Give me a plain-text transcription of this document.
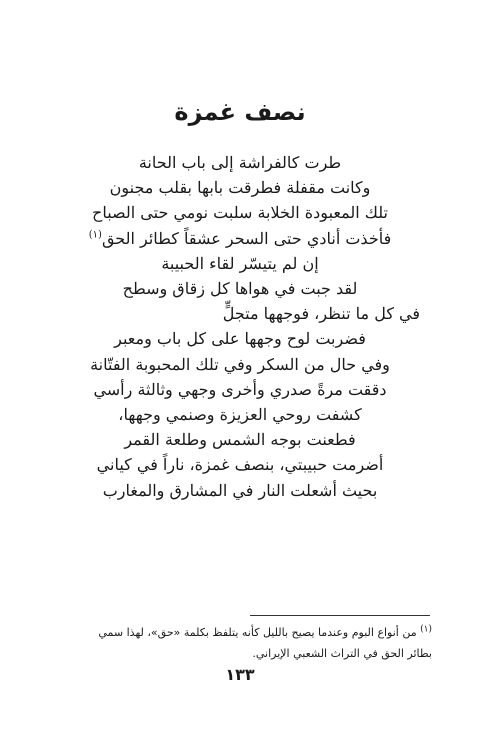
نصف غمزة
طرت كالفراشة إلى باب الحانة
وكانت مقفلة فطرقت بابها بقلب مجنون
تلك المعبودة الخلابة سلبت نومي حتى الصباح
فأخذت أنادي حتى السحر عشقاً كطائر الحق$^{(١)}$
إن لم يتيسّر لقاء الحبيبة
لقد جبت في هواها كل زقاق وسطح
في كل ما تنظر، فوجهها متجلٍّ
فضربت لوح وجهها على كل باب ومعبر
وفي حال من السكر وفي تلك المحبوبة الفتّانة
دققت مرةً صدري وأخرى وجهي وثالثة رأسي
كشفت روحي العزيزة وصنمي وجهها،
فطعنت بوجه الشمس وطلعة القمر
أضرمت حبيبتي، بنصف غمزة، ناراً في كياني
بحيث أشعلت النار في المشارق والمغارب
$^{(١)}$ من أنواع البوم وعندما يصيح بالليل كأنه يتلفظ بكلمة «حق»، لهذا سمي
بطائر الحق في التراث الشعبي الإيراني.
١٣٣
